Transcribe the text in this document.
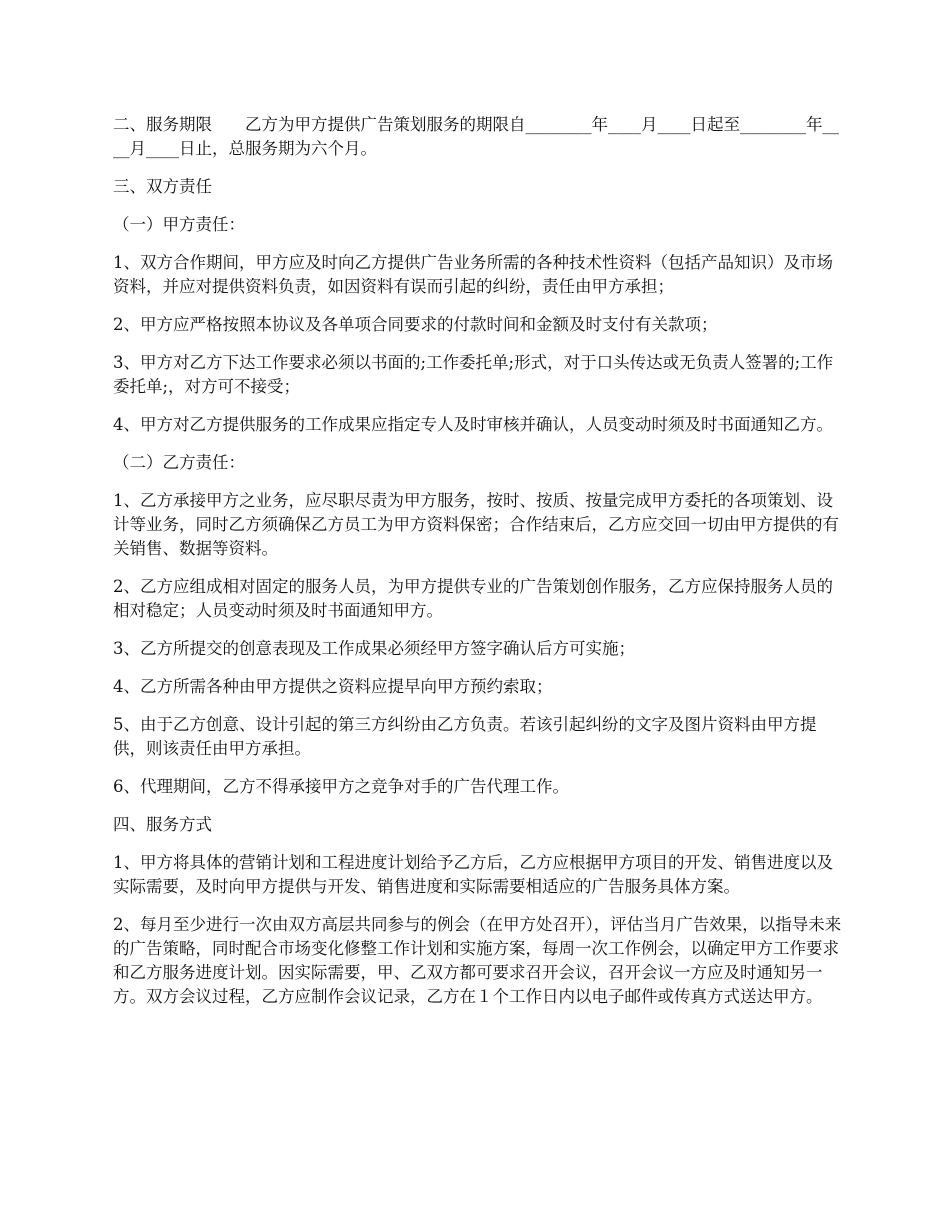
二、服务期限　　乙方为甲方提供广告策划服务的期限自________年____月____日起至________年____月____日止，总服务期为六个月。

三、双方责任

（一）甲方责任：

1、双方合作期间，甲方应及时向乙方提供广告业务所需的各种技术性资料（包括产品知识）及市场资料，并应对提供资料负责，如因资料有误而引起的纠纷，责任由甲方承担；

2、甲方应严格按照本协议及各单项合同要求的付款时间和金额及时支付有关款项；

3、甲方对乙方下达工作要求必须以书面的;工作委托单;形式，对于口头传达或无负责人签署的;工作委托单;，对方可不接受；

4、甲方对乙方提供服务的工作成果应指定专人及时审核并确认，人员变动时须及时书面通知乙方。

（二）乙方责任：

1、乙方承接甲方之业务，应尽职尽责为甲方服务，按时、按质、按量完成甲方委托的各项策划、设计等业务，同时乙方须确保乙方员工为甲方资料保密；合作结束后，乙方应交回一切由甲方提供的有关销售、数据等资料。

2、乙方应组成相对固定的服务人员，为甲方提供专业的广告策划创作服务，乙方应保持服务人员的相对稳定；人员变动时须及时书面通知甲方。

3、乙方所提交的创意表现及工作成果必须经甲方签字确认后方可实施；

4、乙方所需各种由甲方提供之资料应提早向甲方预约索取；

5、由于乙方创意、设计引起的第三方纠纷由乙方负责。若该引起纠纷的文字及图片资料由甲方提供，则该责任由甲方承担。

6、代理期间，乙方不得承接甲方之竞争对手的广告代理工作。

四、服务方式

1、甲方将具体的营销计划和工程进度计划给予乙方后，乙方应根据甲方项目的开发、销售进度以及实际需要，及时向甲方提供与开发、销售进度和实际需要相适应的广告服务具体方案。

2、每月至少进行一次由双方高层共同参与的例会（在甲方处召开），评估当月广告效果，以指导未来的广告策略，同时配合市场变化修整工作计划和实施方案，每周一次工作例会，以确定甲方工作要求和乙方服务进度计划。因实际需要，甲、乙双方都可要求召开会议，召开会议一方应及时通知另一方。双方会议过程，乙方应制作会议记录，乙方在１个工作日内以电子邮件或传真方式送达甲方。
